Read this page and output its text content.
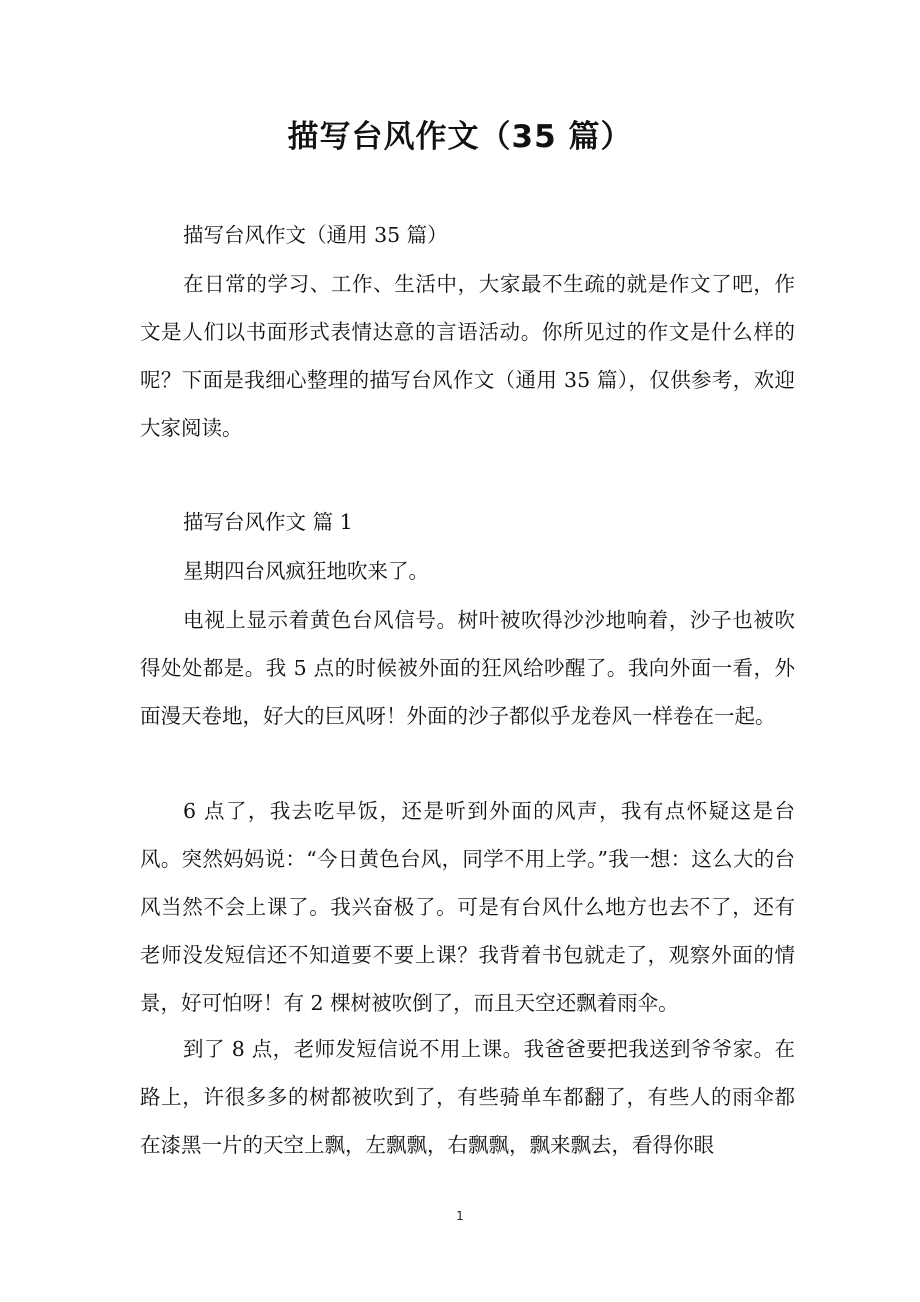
描写台风作文（35 篇）

描写台风作文（通用 35 篇）

在日常的学习、工作、生活中，大家最不生疏的就是作文了吧，作文是人们以书面形式表情达意的言语活动。你所见过的作文是什么样的呢？下面是我细心整理的描写台风作文（通用 35 篇），仅供参考，欢迎大家阅读。

描写台风作文 篇 1

星期四台风疯狂地吹来了。

电视上显示着黄色台风信号。树叶被吹得沙沙地响着，沙子也被吹得处处都是。我 5 点的时候被外面的狂风给吵醒了。我向外面一看，外面漫天卷地，好大的巨风呀！外面的沙子都似乎龙卷风一样卷在一起。

6 点了，我去吃早饭，还是听到外面的风声，我有点怀疑这是台风。突然妈妈说：“今日黄色台风，同学不用上学。”我一想：这么大的台风当然不会上课了。我兴奋极了。可是有台风什么地方也去不了，还有老师没发短信还不知道要不要上课？我背着书包就走了，观察外面的情景，好可怕呀！有 2 棵树被吹倒了，而且天空还飘着雨伞。

到了 8 点，老师发短信说不用上课。我爸爸要把我送到爷爷家。在路上，许很多多的树都被吹到了，有些骑单车都翻了，有些人的雨伞都在漆黑一片的天空上飘，左飘飘，右飘飘，飘来飘去，看得你眼

1
